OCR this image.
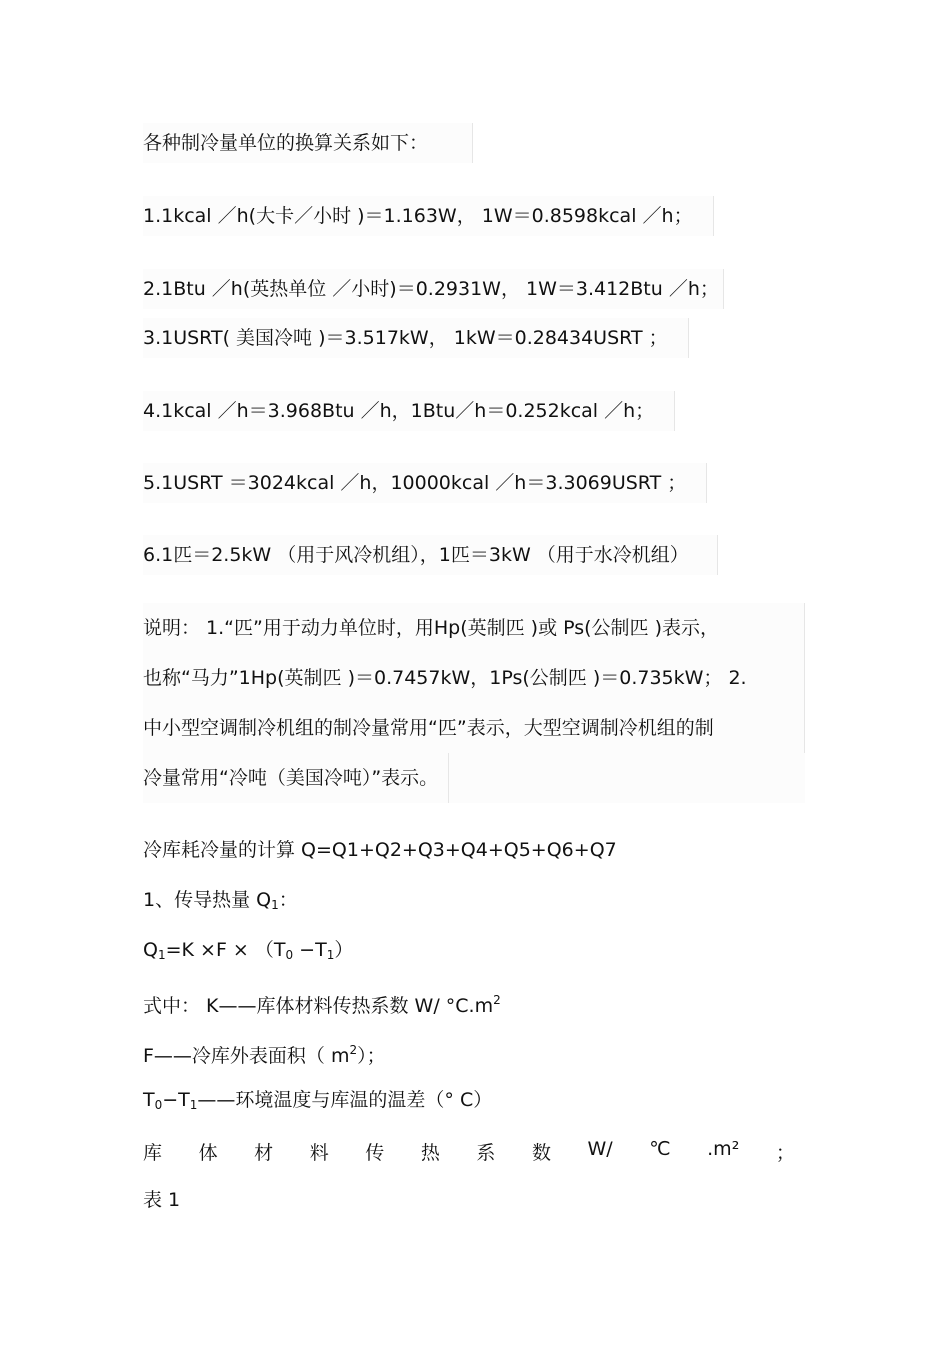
各种制冷量单位的换算关系如下：
1.1kcal ／h(大卡／小时 )＝1.163W， 1W＝0.8598kcal ／h；
2.1Btu ／h(英热单位 ／小时)＝0.2931W， 1W＝3.412Btu ／h；
3.1USRT( 美国冷吨 )＝3.517kW， 1kW＝0.28434USRT ；
4.1kcal ／h＝3.968Btu ／h，1Btu／h＝0.252kcal ／h；
5.1USRT ＝3024kcal ／h，10000kcal ／h＝3.3069USRT ；
6.1匹＝2.5kW （用于风冷机组），1匹＝3kW （用于水冷机组）
说明： 1.“匹”用于动力单位时，用Hp(英制匹 )或 Ps(公制匹 )表示，
也称“马力”1Hp(英制匹 )＝0.7457kW，1Ps(公制匹 )＝0.735kW； 2.
中小型空调制冷机组的制冷量常用“匹”表示，大型空调制冷机组的制
冷量常用“冷吨（美国冷吨）”表示。
冷库耗冷量的计算 Q=Q1+Q2+Q3+Q4+Q5+Q6+Q7
1、传导热量 $Q_1$：
$Q_1=K \times F \times (T_0 -T_1)$
式中： K——库体材料传热系数 W/ $^\circ C.m^2$
F——冷库外表面积（ $m^2$）；
$T_0-T_1——$环境温度与库温的温差（° C）
库 体 材 料 传 热 系 数 W/ ℃ .m² ；
表 1
